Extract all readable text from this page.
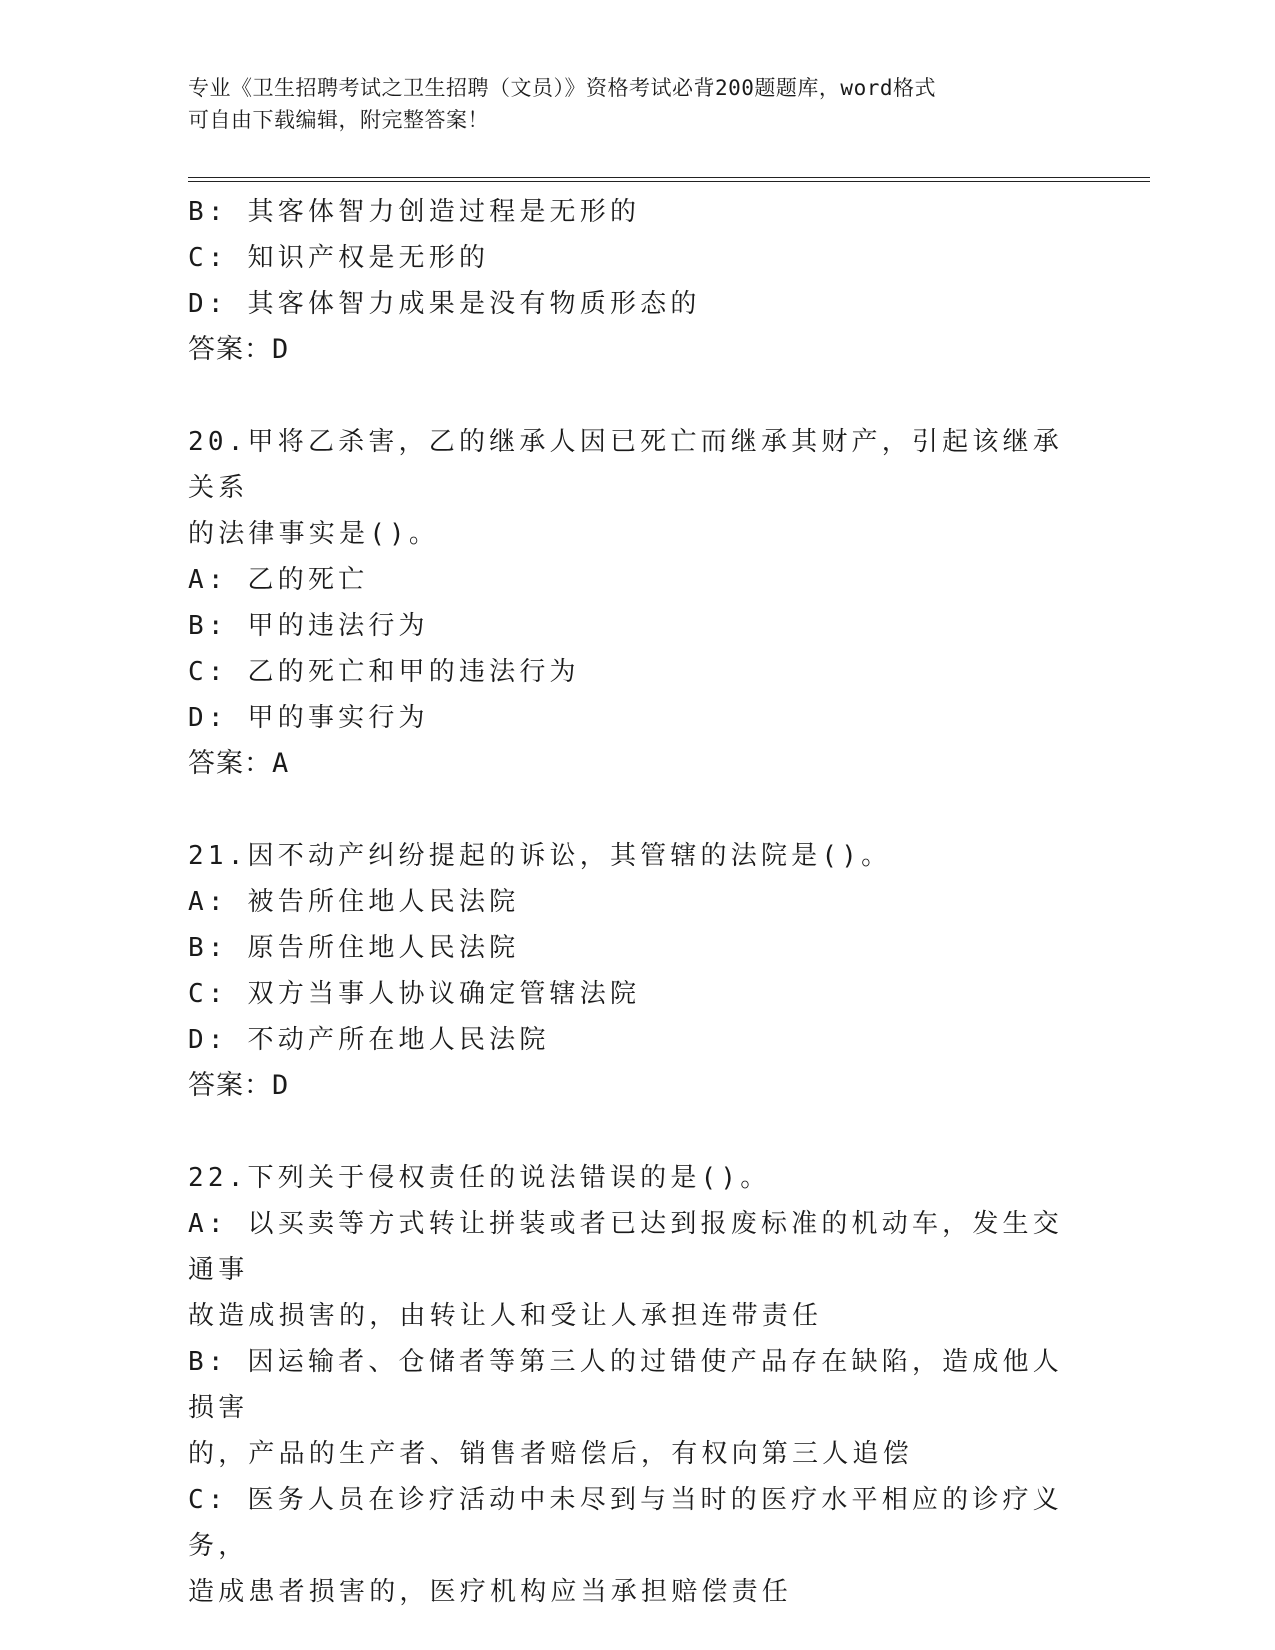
专业《卫生招聘考试之卫生招聘（文员）》资格考试必背200题题库，word格式
可自由下载编辑，附完整答案！
B: 其客体智力创造过程是无形的
C: 知识产权是无形的
D: 其客体智力成果是没有物质形态的
答案：D
20.甲将乙杀害，乙的继承人因已死亡而继承其财产，引起该继承关系
的法律事实是()。
A: 乙的死亡
B: 甲的违法行为
C: 乙的死亡和甲的违法行为
D: 甲的事实行为
答案：A
21.因不动产纠纷提起的诉讼，其管辖的法院是()。
A: 被告所住地人民法院
B: 原告所住地人民法院
C: 双方当事人协议确定管辖法院
D: 不动产所在地人民法院
答案：D
22.下列关于侵权责任的说法错误的是()。
A: 以买卖等方式转让拼装或者已达到报废标准的机动车，发生交通事
故造成损害的，由转让人和受让人承担连带责任
B: 因运输者、仓储者等第三人的过错使产品存在缺陷，造成他人损害
的，产品的生产者、销售者赔偿后，有权向第三人追偿
C: 医务人员在诊疗活动中未尽到与当时的医疗水平相应的诊疗义务，
造成患者损害的，医疗机构应当承担赔偿责任
